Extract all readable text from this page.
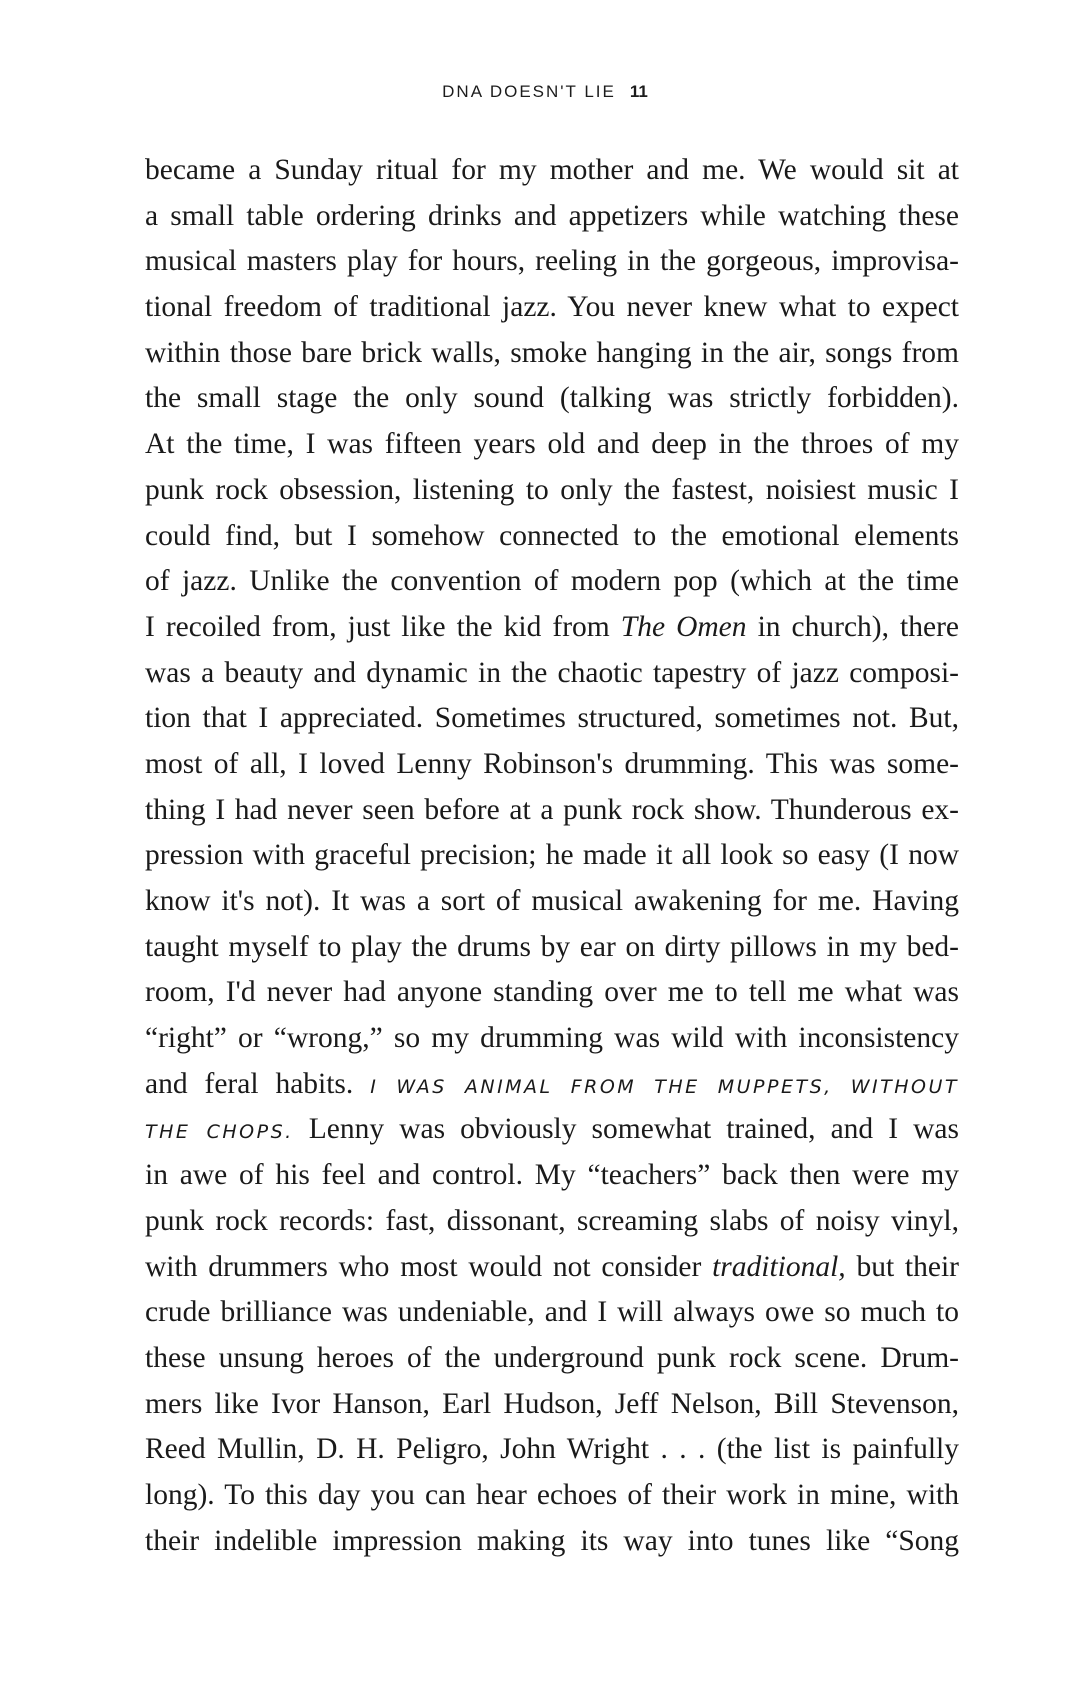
DNA DOESN'T LIE 11
became a Sunday ritual for my mother and me. We would sit at
a small table ordering drinks and appetizers while watching these
musical masters play for hours, reeling in the gorgeous, improvisa-
tional freedom of traditional jazz. You never knew what to expect
within those bare brick walls, smoke hanging in the air, songs from
the small stage the only sound (talking was strictly forbidden).
At the time, I was fifteen years old and deep in the throes of my
punk rock obsession, listening to only the fastest, noisiest music I
could find, but I somehow connected to the emotional elements
of jazz. Unlike the convention of modern pop (which at the time
I recoiled from, just like the kid from The Omen in church), there
was a beauty and dynamic in the chaotic tapestry of jazz composi-
tion that I appreciated. Sometimes structured, sometimes not. But,
most of all, I loved Lenny Robinson's drumming. This was some-
thing I had never seen before at a punk rock show. Thunderous ex-
pression with graceful precision; he made it all look so easy (I now
know it's not). It was a sort of musical awakening for me. Having
taught myself to play the drums by ear on dirty pillows in my bed-
room, I'd never had anyone standing over me to tell me what was
“right” or “wrong,” so my drumming was wild with inconsistency
and feral habits. I WAS ANIMAL FROM THE MUPPETS, WITHOUT
THE CHOPS. Lenny was obviously somewhat trained, and I was
in awe of his feel and control. My “teachers” back then were my
punk rock records: fast, dissonant, screaming slabs of noisy vinyl,
with drummers who most would not consider traditional, but their
crude brilliance was undeniable, and I will always owe so much to
these unsung heroes of the underground punk rock scene. Drum-
mers like Ivor Hanson, Earl Hudson, Jeff Nelson, Bill Stevenson,
Reed Mullin, D. H. Peligro, John Wright . . . (the list is painfully
long). To this day you can hear echoes of their work in mine, with
their indelible impression making its way into tunes like “Song
